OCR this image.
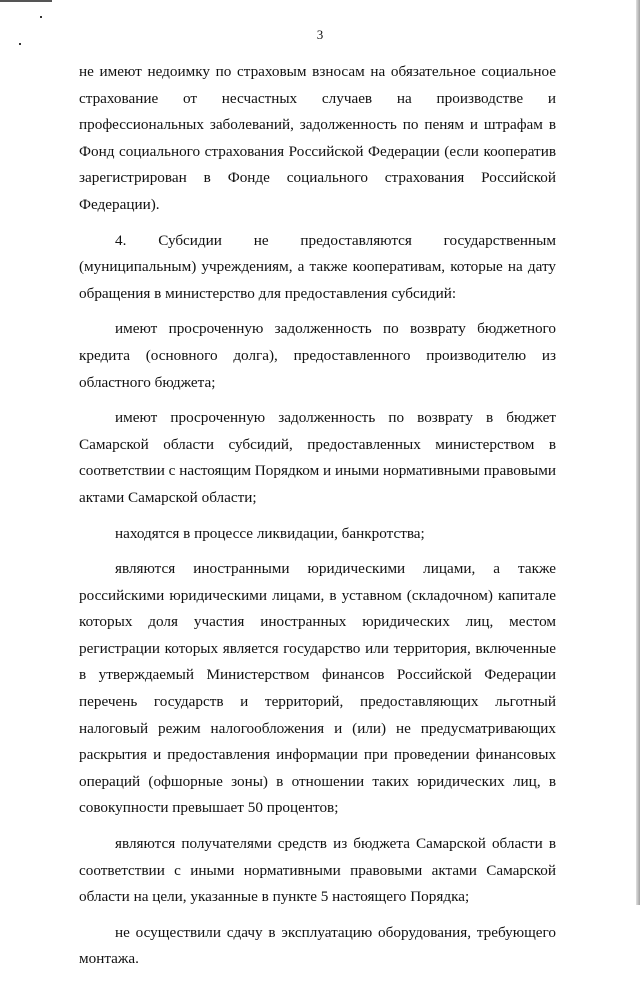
3

не имеют недоимку по страховым взносам на обязательное социальное страхование от несчастных случаев на производстве и профессиональных заболеваний, задолженность по пеням и штрафам в Фонд социального страхования Российской Федерации (если кооператив зарегистрирован в Фонде социального страхования Российской Федерации).

4. Субсидии не предоставляются государственным (муниципальным) учреждениям, а также кооперативам, которые на дату обращения в министерство для предоставления субсидий:

имеют просроченную задолженность по возврату бюджетного кредита (основного долга), предоставленного производителю из областного бюджета;

имеют просроченную задолженность по возврату в бюджет Самарской области субсидий, предоставленных министерством в соответствии с настоящим Порядком и иными нормативными правовыми актами Самарской области;

находятся в процессе ликвидации, банкротства;

являются иностранными юридическими лицами, а также российскими юридическими лицами, в уставном (складочном) капитале которых доля участия иностранных юридических лиц, местом регистрации которых является государство или территория, включенные в утверждаемый Министерством финансов Российской Федерации перечень государств и территорий, предоставляющих льготный налоговый режим налогообложения и (или) не предусматривающих раскрытия и предоставления информации при проведении финансовых операций (офшорные зоны) в отношении таких юридических лиц, в совокупности превышает 50 процентов;

являются получателями средств из бюджета Самарской области в соответствии с иными нормативными правовыми актами Самарской области на цели, указанные в пункте 5 настоящего Порядка;

не осуществили сдачу в эксплуатацию оборудования, требующего монтажа.
